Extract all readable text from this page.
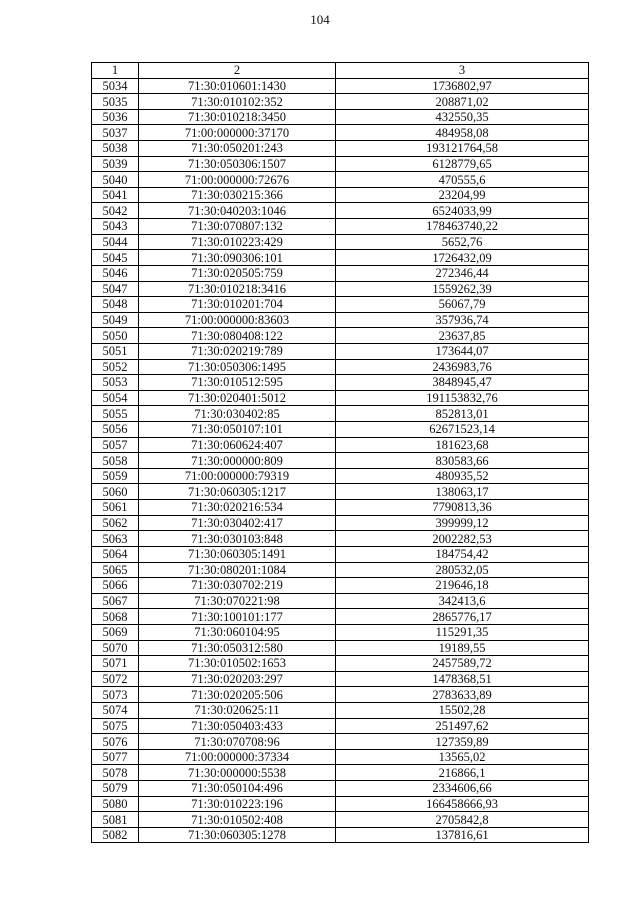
104
1	2	3
5034	71:30:010601:1430	1736802,97
5035	71:30:010102:352	208871,02
5036	71:30:010218:3450	432550,35
5037	71:00:000000:37170	484958,08
5038	71:30:050201:243	193121764,58
5039	71:30:050306:1507	6128779,65
5040	71:00:000000:72676	470555,6
5041	71:30:030215:366	23204,99
5042	71:30:040203:1046	6524033,99
5043	71:30:070807:132	178463740,22
5044	71:30:010223:429	5652,76
5045	71:30:090306:101	1726432,09
5046	71:30:020505:759	272346,44
5047	71:30:010218:3416	1559262,39
5048	71:30:010201:704	56067,79
5049	71:00:000000:83603	357936,74
5050	71:30:080408:122	23637,85
5051	71:30:020219:789	173644,07
5052	71:30:050306:1495	2436983,76
5053	71:30:010512:595	3848945,47
5054	71:30:020401:5012	191153832,76
5055	71:30:030402:85	852813,01
5056	71:30:050107:101	62671523,14
5057	71:30:060624:407	181623,68
5058	71:30:000000:809	830583,66
5059	71:00:000000:79319	480935,52
5060	71:30:060305:1217	138063,17
5061	71:30:020216:534	7790813,36
5062	71:30:030402:417	399999,12
5063	71:30:030103:848	2002282,53
5064	71:30:060305:1491	184754,42
5065	71:30:080201:1084	280532,05
5066	71:30:030702:219	219646,18
5067	71:30:070221:98	342413,6
5068	71:30:100101:177	2865776,17
5069	71:30:060104:95	115291,35
5070	71:30:050312:580	19189,55
5071	71:30:010502:1653	2457589,72
5072	71:30:020203:297	1478368,51
5073	71:30:020205:506	2783633,89
5074	71:30:020625:11	15502,28
5075	71:30:050403:433	251497,62
5076	71:30:070708:96	127359,89
5077	71:00:000000:37334	13565,02
5078	71:30:000000:5538	216866,1
5079	71:30:050104:496	2334606,66
5080	71:30:010223:196	166458666,93
5081	71:30:010502:408	2705842,8
5082	71:30:060305:1278	137816,61
